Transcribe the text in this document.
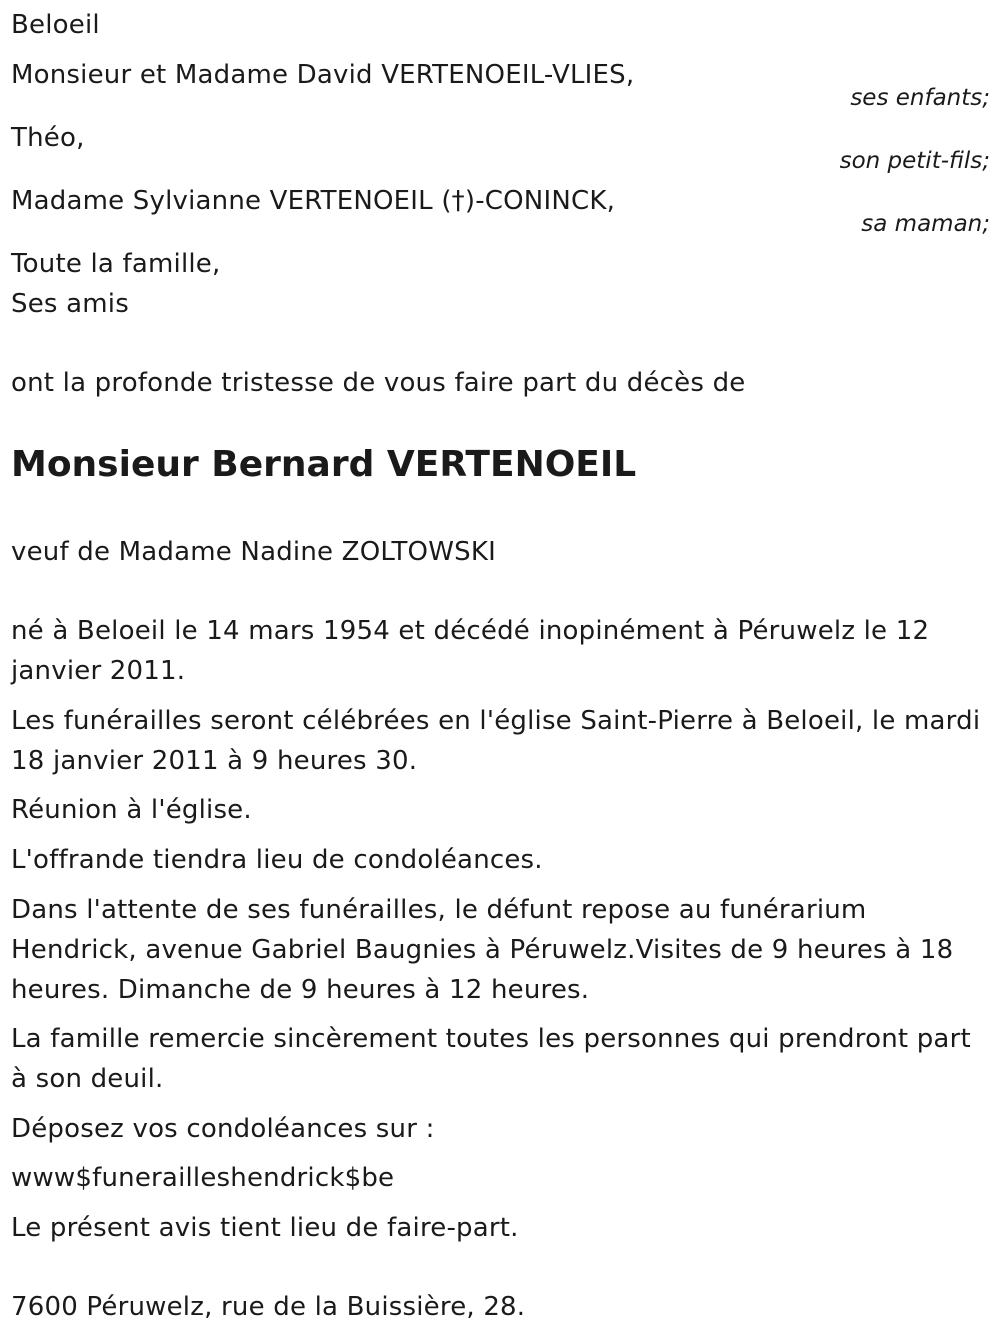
Beloeil
Monsieur et Madame David VERTENOEIL-VLIES,
ses enfants;
Théo,
son petit-fils;
Madame Sylvianne VERTENOEIL (†)-CONINCK,
sa maman;
Toute la famille,
Ses amis
ont la profonde tristesse de vous faire part du décès de
Monsieur Bernard VERTENOEIL
veuf de Madame Nadine ZOLTOWSKI
né à Beloeil le 14 mars 1954 et décédé inopinément à Péruwelz le 12 janvier 2011.
Les funérailles seront célébrées en l'église Saint-Pierre à Beloeil, le mardi 18 janvier 2011 à 9 heures 30.
Réunion à l'église.
L'offrande tiendra lieu de condoléances.
Dans l'attente de ses funérailles, le défunt repose au funérarium Hendrick, avenue Gabriel Baugnies à Péruwelz.Visites de 9 heures à 18 heures. Dimanche de 9 heures à 12 heures.
La famille remercie sincèrement toutes les personnes qui prendront part à son deuil.
Déposez vos condoléances sur :
www$funerailleshendrick$be
Le présent avis tient lieu de faire-part.
7600 Péruwelz, rue de la Buissière, 28.
